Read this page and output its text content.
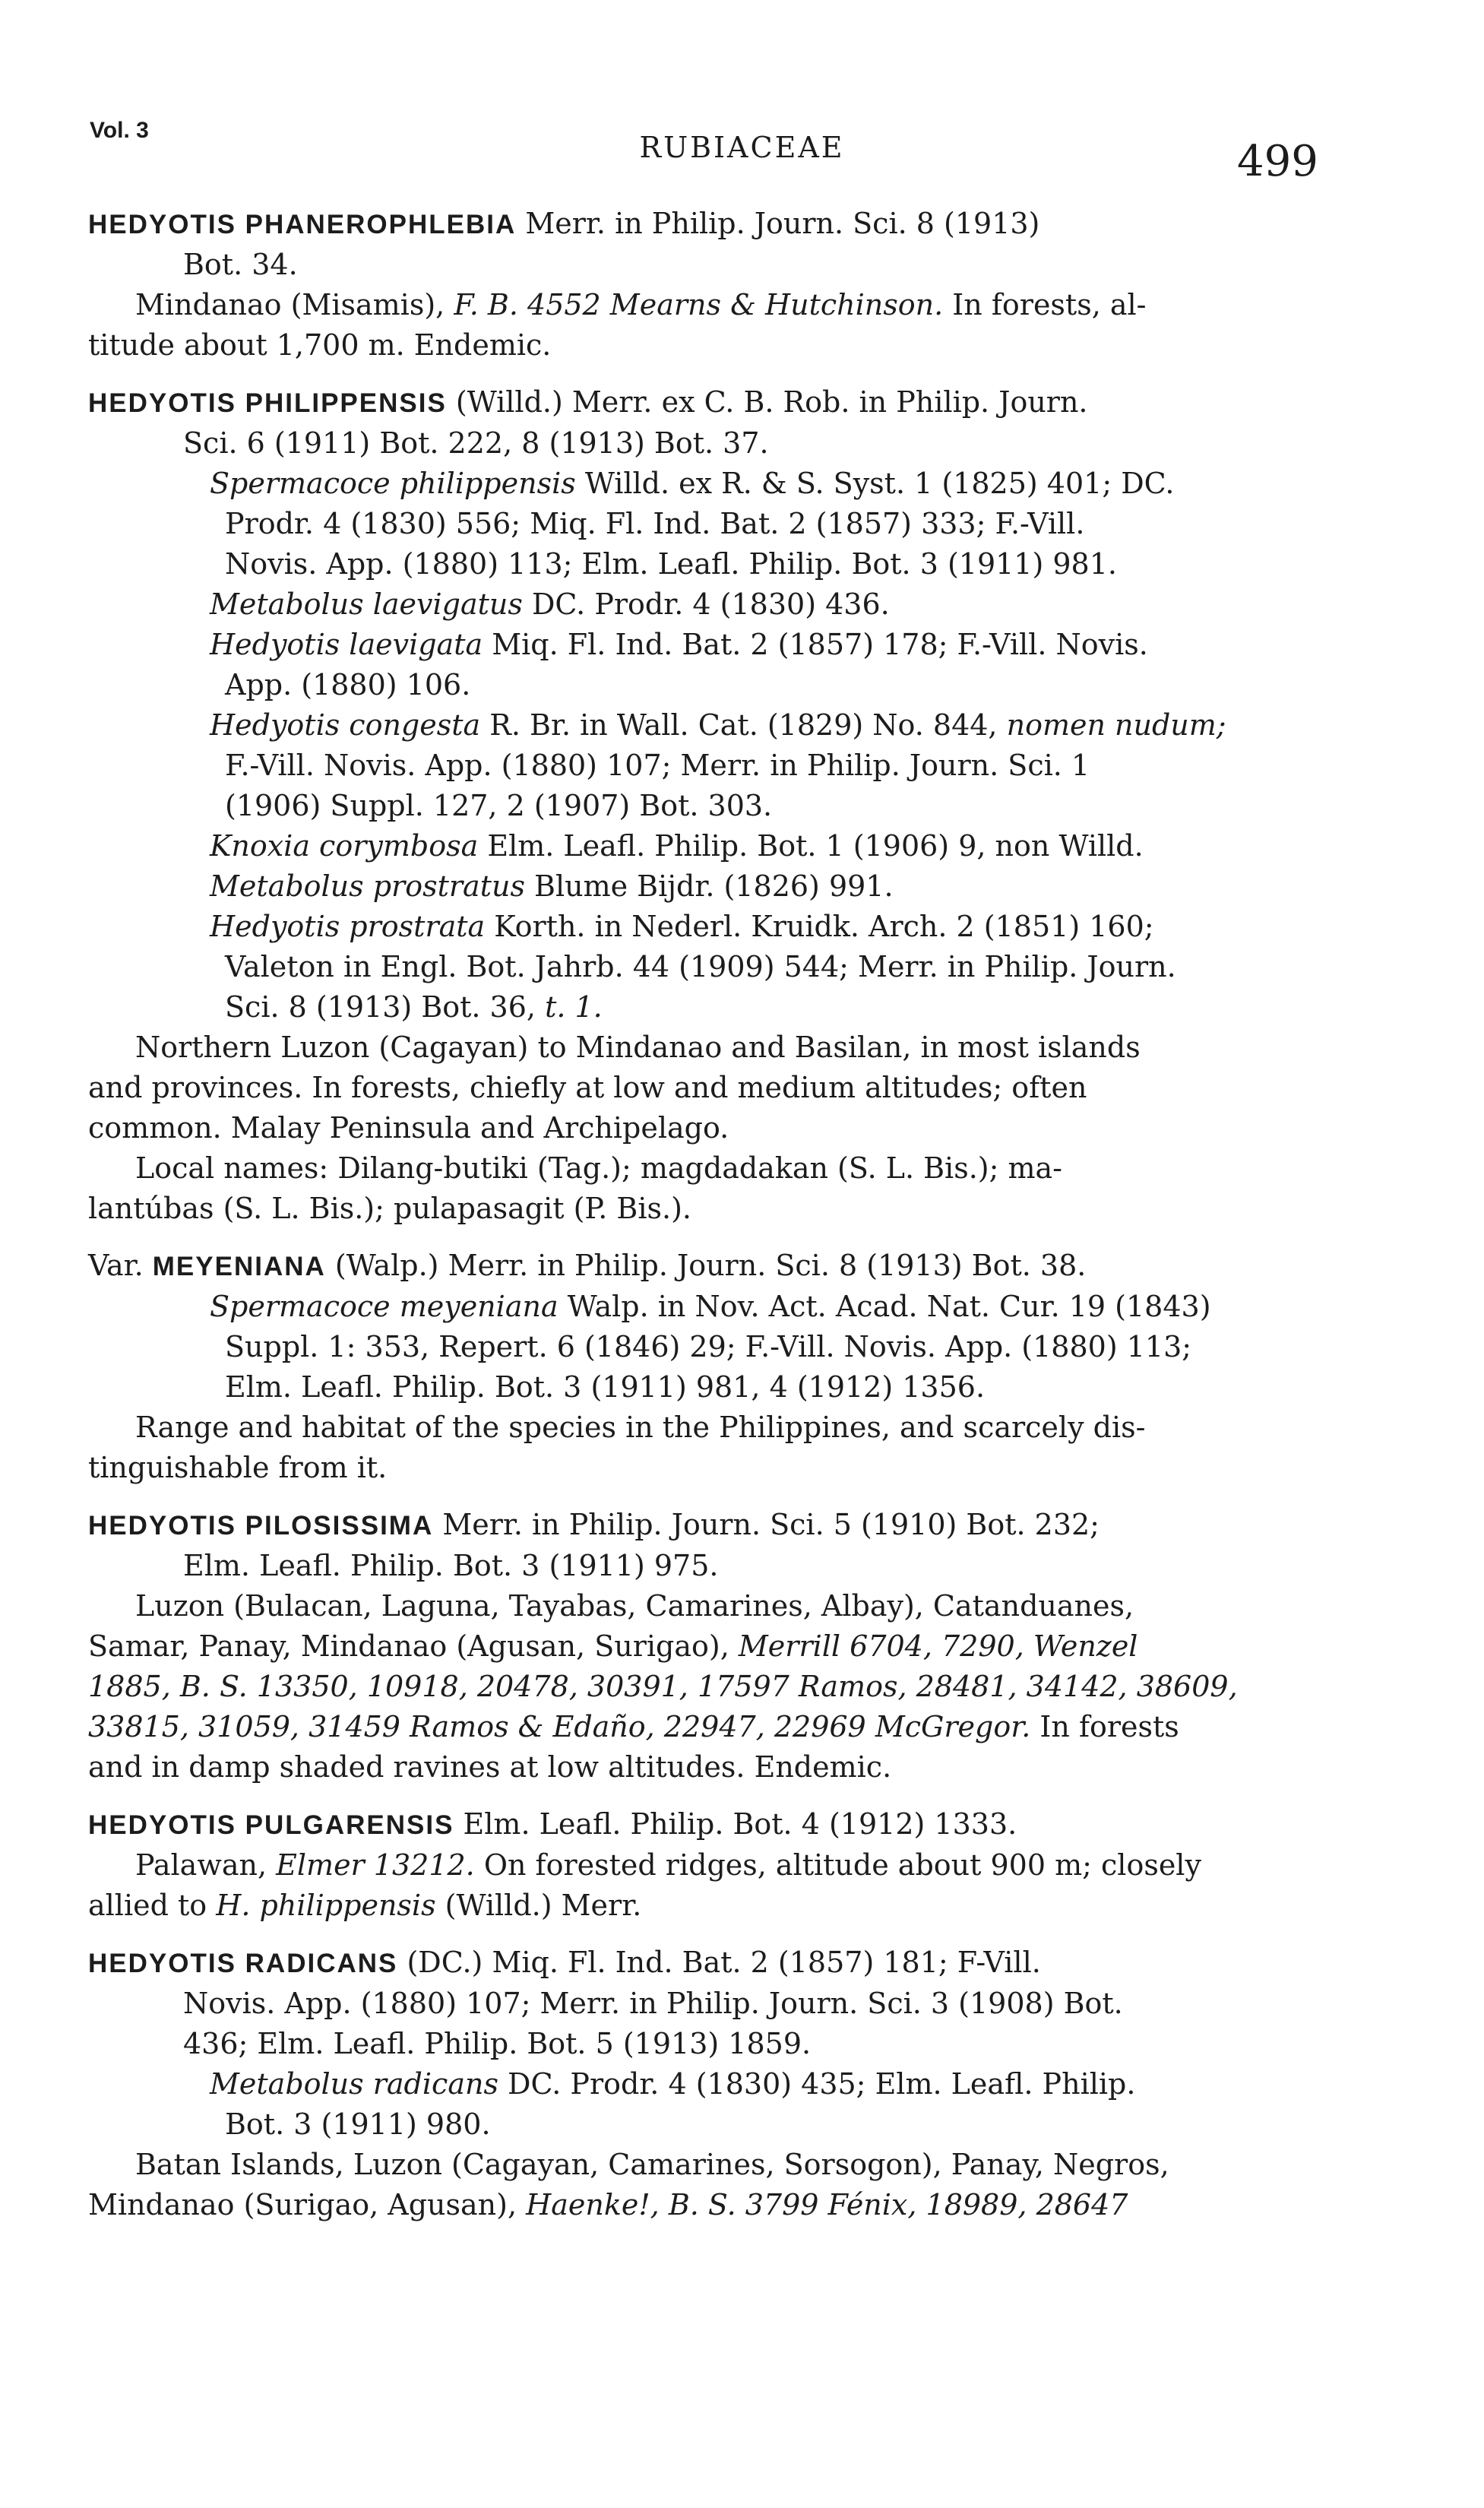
Vol. 3
RUBIACEAE	499
HEDYOTIS PHANEROPHLEBIA Merr. in Philip. Journ. Sci. 8 (1913)
Bot. 34.
Mindanao (Misamis), F. B. 4552 Mearns & Hutchinson. In forests, al-
titude about 1,700 m. Endemic.
HEDYOTIS PHILIPPENSIS (Willd.) Merr. ex C. B. Rob. in Philip. Journ.
Sci. 6 (1911) Bot. 222, 8 (1913) Bot. 37.
Spermacoce philippensis Willd. ex R. & S. Syst. 1 (1825) 401; DC.
Prodr. 4 (1830) 556; Miq. Fl. Ind. Bat. 2 (1857) 333; F.-Vill.
Novis. App. (1880) 113; Elm. Leafl. Philip. Bot. 3 (1911) 981.
Metabolus laevigatus DC. Prodr. 4 (1830) 436.
Hedyotis laevigata Miq. Fl. Ind. Bat. 2 (1857) 178; F.-Vill. Novis.
App. (1880) 106.
Hedyotis congesta R. Br. in Wall. Cat. (1829) No. 844, nomen nudum;
F.-Vill. Novis. App. (1880) 107; Merr. in Philip. Journ. Sci. 1
(1906) Suppl. 127, 2 (1907) Bot. 303.
Knoxia corymbosa Elm. Leafl. Philip. Bot. 1 (1906) 9, non Willd.
Metabolus prostratus Blume Bijdr. (1826) 991.
Hedyotis prostrata Korth. in Nederl. Kruidk. Arch. 2 (1851) 160;
Valeton in Engl. Bot. Jahrb. 44 (1909) 544; Merr. in Philip. Journ.
Sci. 8 (1913) Bot. 36, t. 1.
Northern Luzon (Cagayan) to Mindanao and Basilan, in most islands
and provinces. In forests, chiefly at low and medium altitudes; often
common. Malay Peninsula and Archipelago.
Local names: Dilang-butiki (Tag.); magdadakan (S. L. Bis.); ma-
lantúbas (S. L. Bis.); pulapasagit (P. Bis.).
Var. MEYENIANA (Walp.) Merr. in Philip. Journ. Sci. 8 (1913) Bot. 38.
Spermacoce meyeniana Walp. in Nov. Act. Acad. Nat. Cur. 19 (1843)
Suppl. 1: 353, Repert. 6 (1846) 29; F.-Vill. Novis. App. (1880) 113;
Elm. Leafl. Philip. Bot. 3 (1911) 981, 4 (1912) 1356.
Range and habitat of the species in the Philippines, and scarcely dis-
tinguishable from it.
HEDYOTIS PILOSISSIMA Merr. in Philip. Journ. Sci. 5 (1910) Bot. 232;
Elm. Leafl. Philip. Bot. 3 (1911) 975.
Luzon (Bulacan, Laguna, Tayabas, Camarines, Albay), Catanduanes,
Samar, Panay, Mindanao (Agusan, Surigao), Merrill 6704, 7290, Wenzel
1885, B. S. 13350, 10918, 20478, 30391, 17597 Ramos, 28481, 34142, 38609,
33815, 31059, 31459 Ramos & Edaño, 22947, 22969 McGregor. In forests
and in damp shaded ravines at low altitudes. Endemic.
HEDYOTIS PULGARENSIS Elm. Leafl. Philip. Bot. 4 (1912) 1333.
Palawan, Elmer 13212. On forested ridges, altitude about 900 m; closely
allied to H. philippensis (Willd.) Merr.
HEDYOTIS RADICANS (DC.) Miq. Fl. Ind. Bat. 2 (1857) 181; F-Vill.
Novis. App. (1880) 107; Merr. in Philip. Journ. Sci. 3 (1908) Bot.
436; Elm. Leafl. Philip. Bot. 5 (1913) 1859.
Metabolus radicans DC. Prodr. 4 (1830) 435; Elm. Leafl. Philip.
Bot. 3 (1911) 980.
Batan Islands, Luzon (Cagayan, Camarines, Sorsogon), Panay, Negros,
Mindanao (Surigao, Agusan), Haenke!, B. S. 3799 Fénix, 18989, 28647
